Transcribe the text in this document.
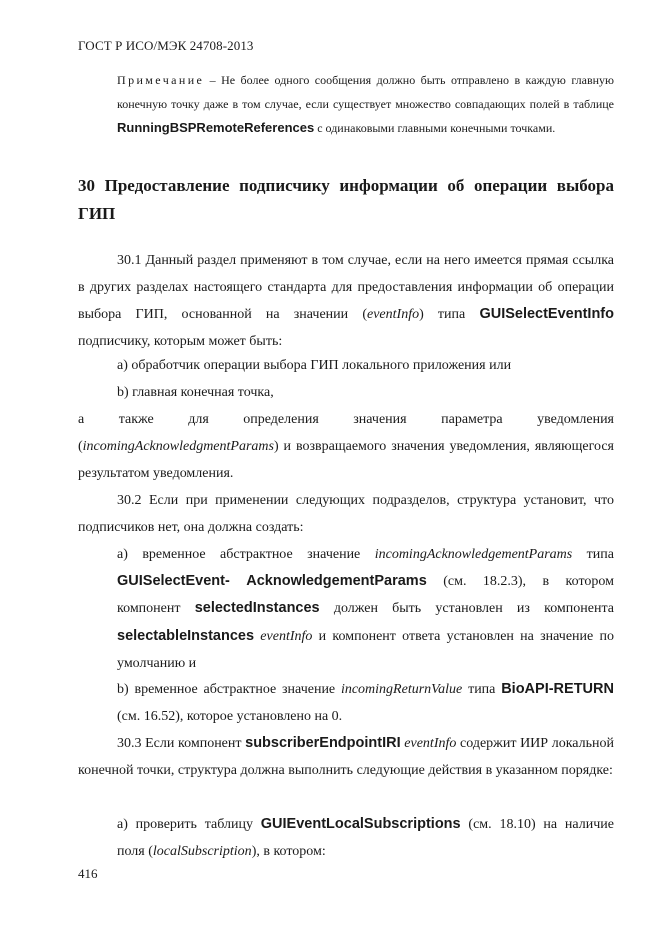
ГОСТ Р ИСО/МЭК 24708-2013
Примечание – Не более одного сообщения должно быть отправлено в каждую главную конечную точку даже в том случае, если существует множество совпадающих полей в таблице RunningBSPRemoteReferences с одинаковыми главными конечными точками.
30 Предоставление подписчику информации об операции выбора ГИП
30.1 Данный раздел применяют в том случае, если на него имеется прямая ссылка в других разделах настоящего стандарта для предоставления информации об операции выбора ГИП, основанной на значении (eventInfo) типа GUISelectEventInfo подписчику, которым может быть:
a) обработчик операции выбора ГИП локального приложения или
b) главная конечная точка,
а также для определения значения параметра уведомления (incomingAcknowledgmentParams) и возвращаемого значения уведомления, являющегося результатом уведомления.
30.2 Если при применении следующих подразделов, структура установит, что подписчиков нет, она должна создать:
a) временное абстрактное значение incomingAcknowledgementParams типа GUISelectEvent- AcknowledgementParams (см. 18.2.3), в котором компонент selectedInstances должен быть установлен из компонента selectableInstances eventInfo и компонент ответа установлен на значение по умолчанию и
b) временное абстрактное значение incomingReturnValue типа BioAPI-RETURN (см. 16.52), которое установлено на 0.
30.3 Если компонент subscriberEndpointIRI eventInfo содержит ИИР локальной конечной точки, структура должна выполнить следующие действия в указанном порядке:
a) проверить таблицу GUIEventLocalSubscriptions (см. 18.10) на наличие поля (localSubscription), в котором:
416
